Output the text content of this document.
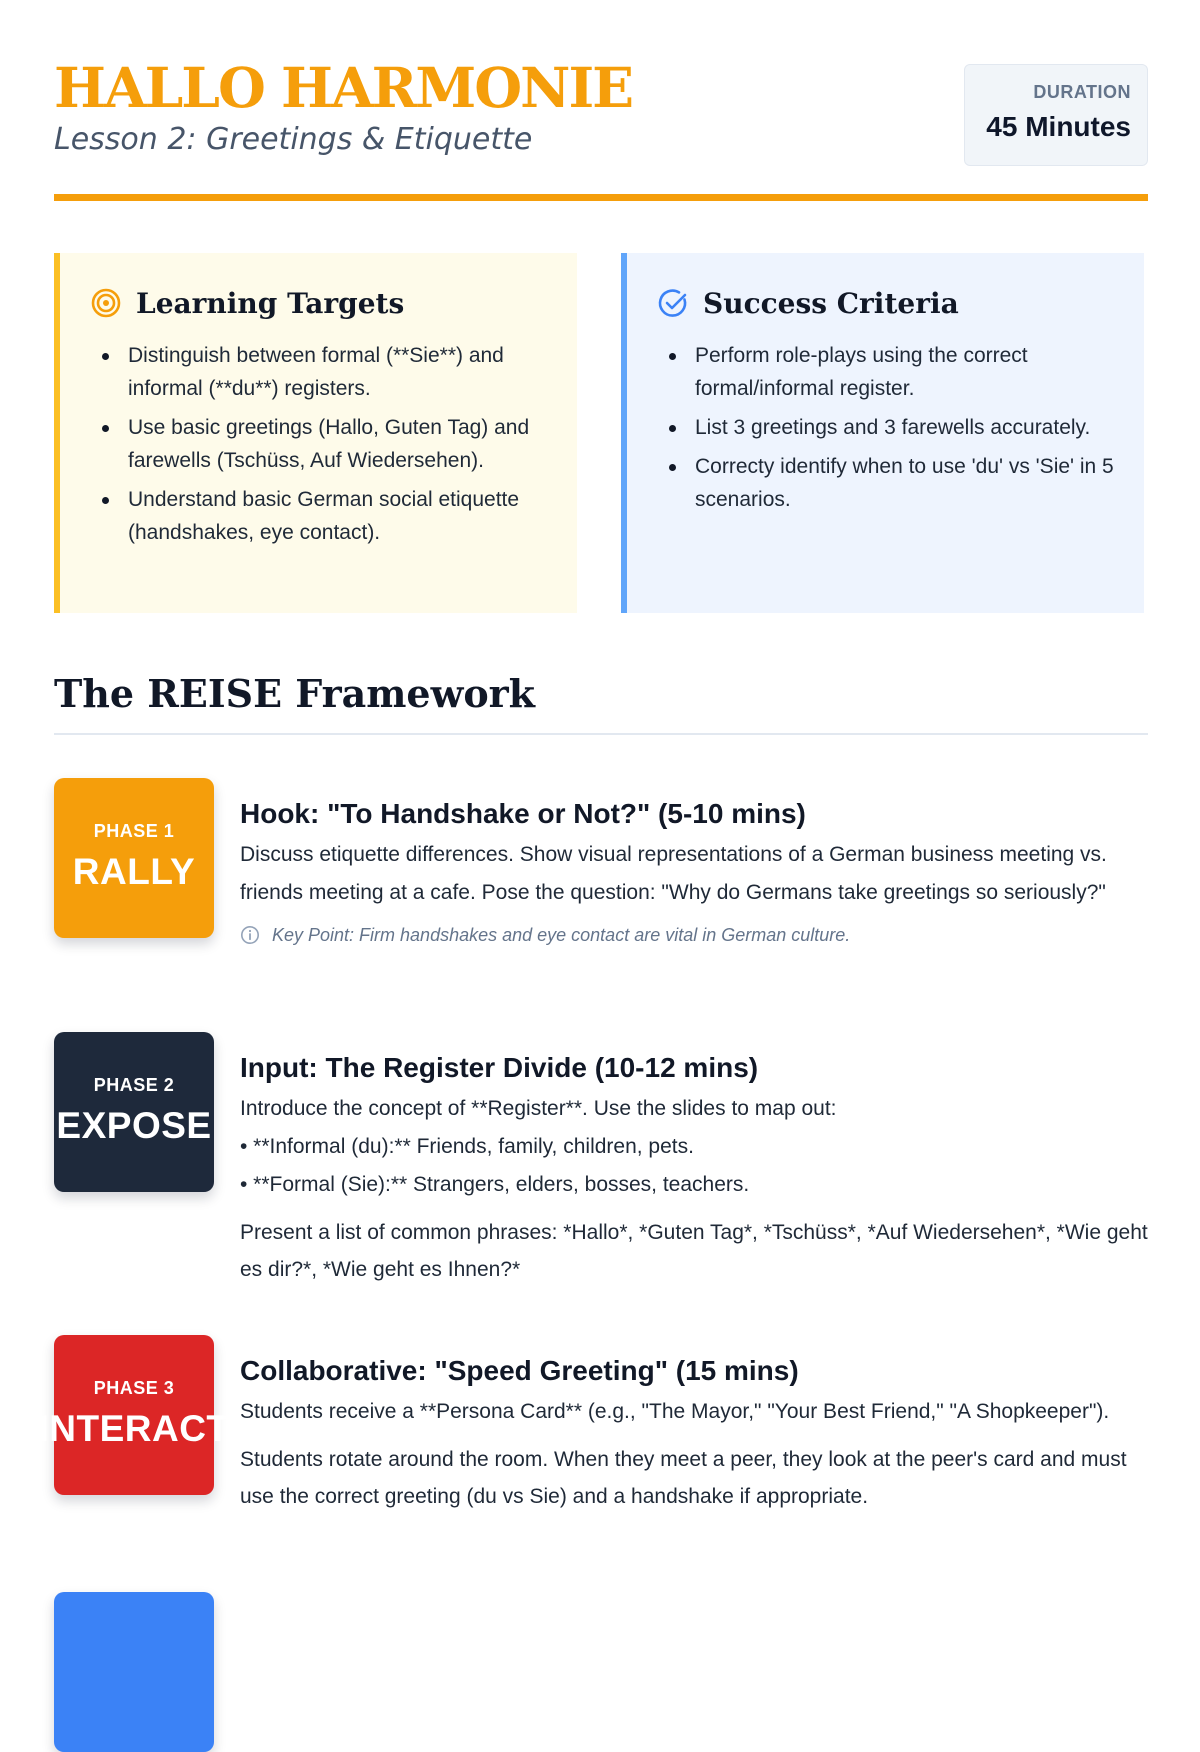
HALLO HARMONIE
Lesson 2: Greetings & Etiquette
DURATION
45 Minutes
Learning Targets
Distinguish between formal (**Sie**) and informal (**du**) registers.
Use basic greetings (Hallo, Guten Tag) and farewells (Tschüss, Auf Wiedersehen).
Understand basic German social etiquette (handshakes, eye contact).
Success Criteria
Perform role-plays using the correct formal/informal register.
List 3 greetings and 3 farewells accurately.
Correcty identify when to use 'du' vs 'Sie' in 5 scenarios.
The REISE Framework
PHASE 1
RALLY
Hook: "To Handshake or Not?" (5-10 mins)
Discuss etiquette differences. Show visual representations of a German business meeting vs. friends meeting at a cafe. Pose the question: "Why do Germans take greetings so seriously?"
Key Point: Firm handshakes and eye contact are vital in German culture.
PHASE 2
EXPOSE
Input: The Register Divide (10-12 mins)
Introduce the concept of **Register**. Use the slides to map out:
• **Informal (du):** Friends, family, children, pets.
• **Formal (Sie):** Strangers, elders, bosses, teachers.
Present a list of common phrases: *Hallo*, *Guten Tag*, *Tschüss*, *Auf Wiedersehen*, *Wie geht es dir?*, *Wie geht es Ihnen?*
PHASE 3
INTERACT
Collaborative: "Speed Greeting" (15 mins)
Students receive a **Persona Card** (e.g., "The Mayor," "Your Best Friend," "A Shopkeeper").
Students rotate around the room. When they meet a peer, they look at the peer's card and must use the correct greeting (du vs Sie) and a handshake if appropriate.
